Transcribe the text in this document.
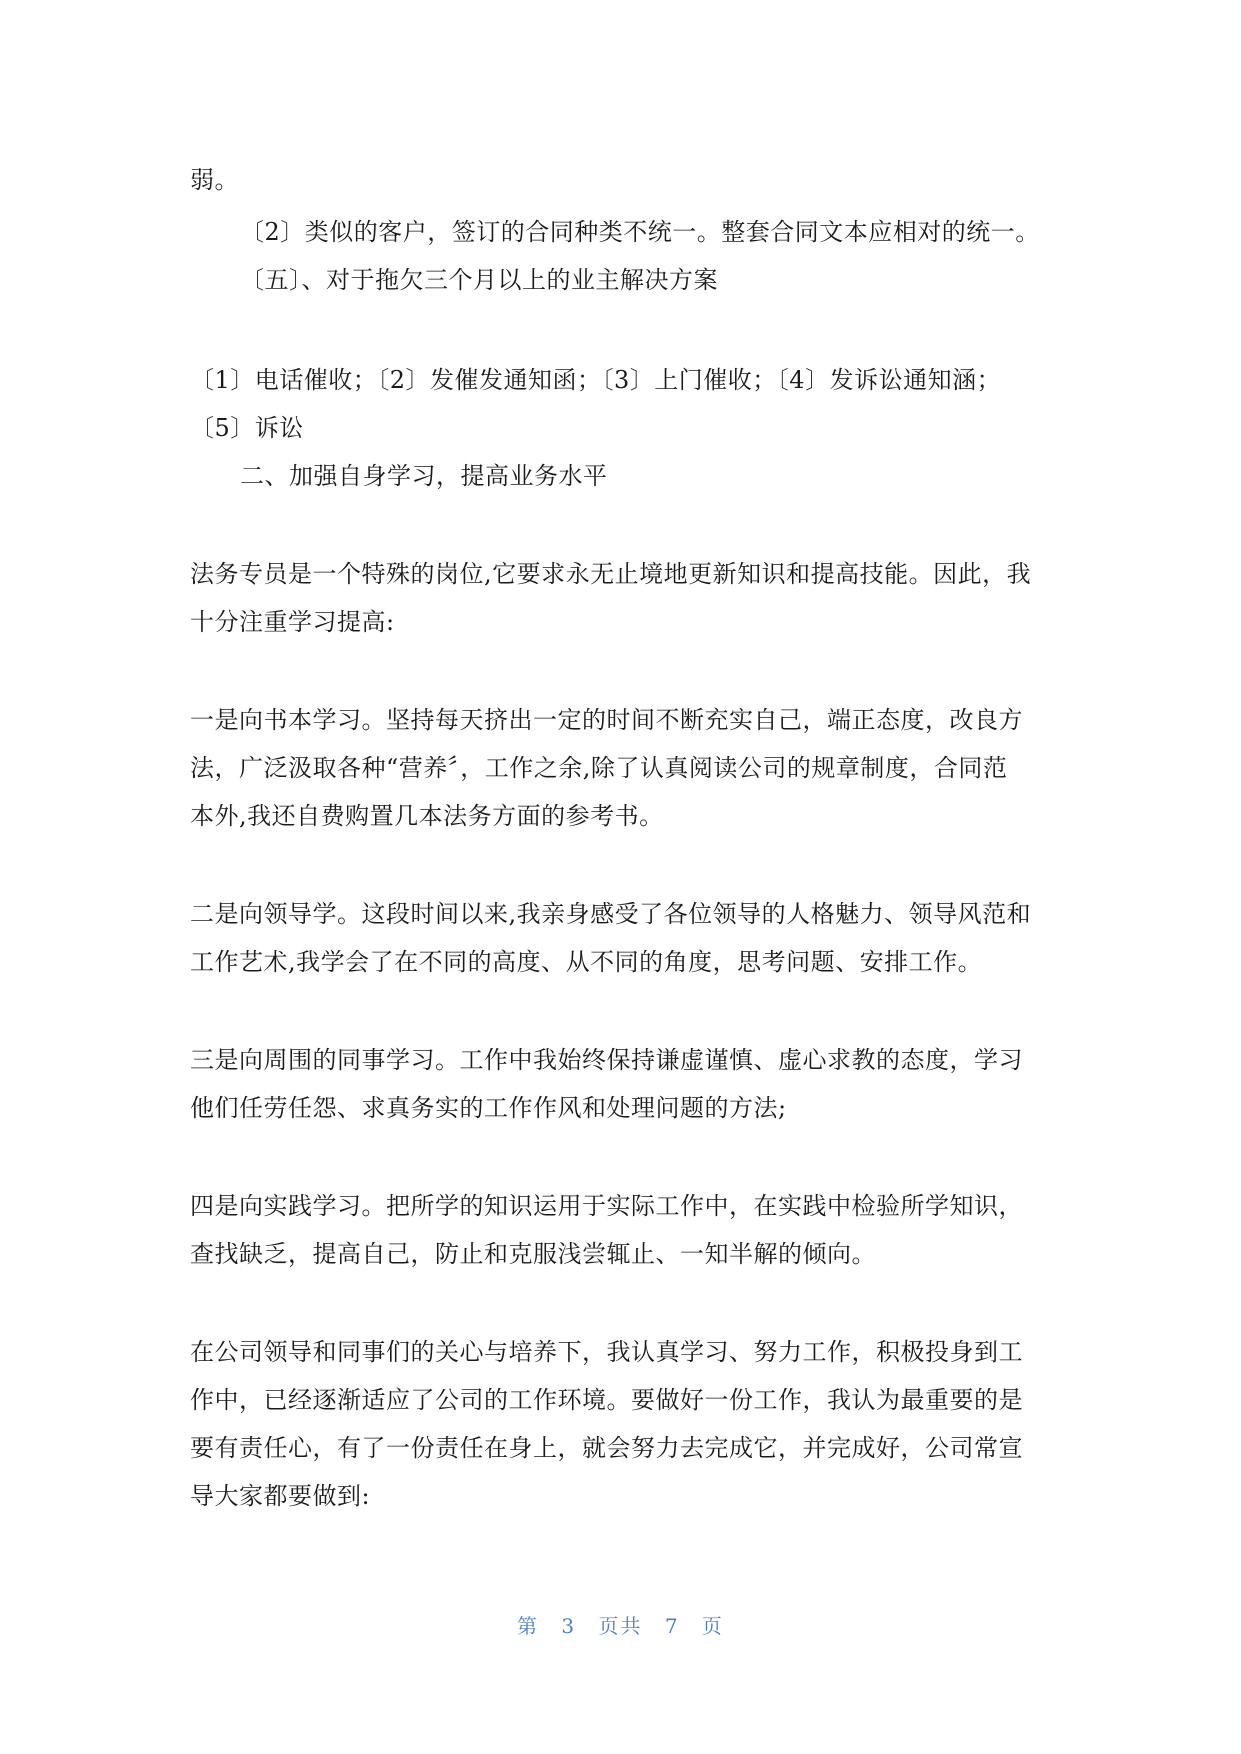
弱。
〔2〕类似的客户，签订的合同种类不统一。整套合同文本应相对的统一。
〔五〕、对于拖欠三个月以上的业主解决方案
〔1〕电话催收；〔2〕发催发通知函；〔3〕上门催收；〔4〕发诉讼通知涵；
〔5〕诉讼
二、加强自身学习，提高业务水平
法务专员是一个特殊的岗位,它要求永无止境地更新知识和提高技能。因此，我
十分注重学习提高:
一是向书本学习。坚持每天挤出一定的时间不断充实自己，端正态度，改良方
法，广泛汲取各种“营养〞，工作之余,除了认真阅读公司的规章制度，合同范
本外,我还自费购置几本法务方面的参考书。
二是向领导学。这段时间以来,我亲身感受了各位领导的人格魅力、领导风范和
工作艺术,我学会了在不同的高度、从不同的角度，思考问题、安排工作。
三是向周围的同事学习。工作中我始终保持谦虚谨慎、虚心求教的态度，学习
他们任劳任怨、求真务实的工作作风和处理问题的方法;
四是向实践学习。把所学的知识运用于实际工作中，在实践中检验所学知识，
查找缺乏，提高自己，防止和克服浅尝辄止、一知半解的倾向。
在公司领导和同事们的关心与培养下，我认真学习、努力工作，积极投身到工
作中，已经逐渐适应了公司的工作环境。要做好一份工作，我认为最重要的是
要有责任心，有了一份责任在身上，就会努力去完成它，并完成好，公司常宣
导大家都要做到:
第 3 页共 7 页
